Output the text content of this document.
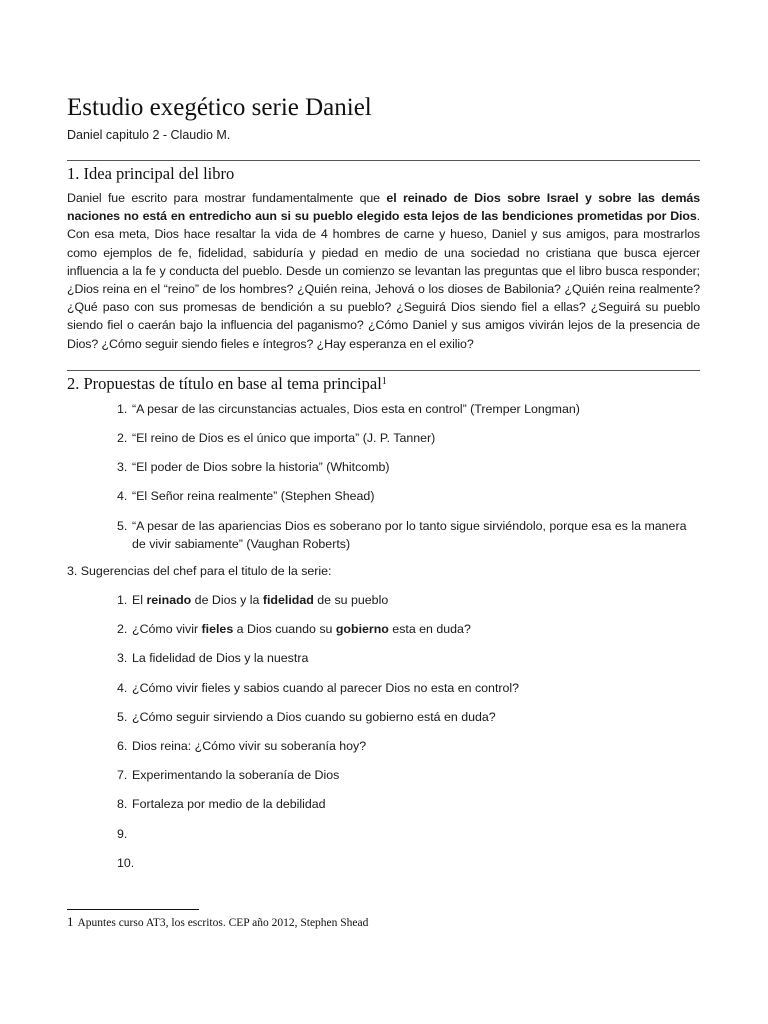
Estudio exegético serie Daniel

Daniel capitulo 2 - Claudio M.

1. Idea principal del libro

Daniel fue escrito para mostrar fundamentalmente que el reinado de Dios sobre Israel y sobre las demás naciones no está en entredicho aun si su pueblo elegido esta lejos de las bendiciones prometidas por Dios. Con esa meta, Dios hace resaltar la vida de 4 hombres de carne y hueso, Daniel y sus amigos, para mostrarlos como ejemplos de fe, fidelidad, sabiduría y piedad en medio de una sociedad no cristiana que busca ejercer influencia a la fe y conducta del pueblo. Desde un comienzo se levantan las preguntas que el libro busca responder; ¿Dios reina en el “reino” de los hombres? ¿Quién reina, Jehová o los dioses de Babilonia? ¿Quién reina realmente? ¿Qué paso con sus promesas de bendición a su pueblo? ¿Seguirá Dios siendo fiel a ellas? ¿Seguirá su pueblo siendo fiel o caerán bajo la influencia del paganismo? ¿Cómo Daniel y sus amigos vivirán lejos de la presencia de Dios? ¿Cómo seguir siendo fieles e íntegros? ¿Hay esperanza en el exilio?

2. Propuestas de título en base al tema principal$^1$
1. “A pesar de las circunstancias actuales, Dios esta en control” (Tremper Longman)
2. “El reino de Dios es el único que importa” (J. P. Tanner)
3. “El poder de Dios sobre la historia” (Whitcomb)
4. “El Señor reina realmente” (Stephen Shead)
5. “A pesar de las apariencias Dios es soberano por lo tanto sigue sirviéndolo, porque esa es la manera de vivir sabiamente” (Vaughan Roberts)

3. Sugerencias del chef para el titulo de la serie:

1. El reinado de Dios y la fidelidad de su pueblo
2. ¿Cómo vivir fieles a Dios cuando su gobierno esta en duda?
3. La fidelidad de Dios y la nuestra
4. ¿Cómo vivir fieles y sabios cuando al parecer Dios no esta en control?
5. ¿Cómo seguir sirviendo a Dios cuando su gobierno está en duda?
6. Dios reina: ¿Cómo vivir su soberanía hoy?
7. Experimentando la soberanía de Dios
8. Fortaleza por medio de la debilidad
9.

10.

1 Apuntes curso AT3, los escritos. CEP año 2012, Stephen Shead
